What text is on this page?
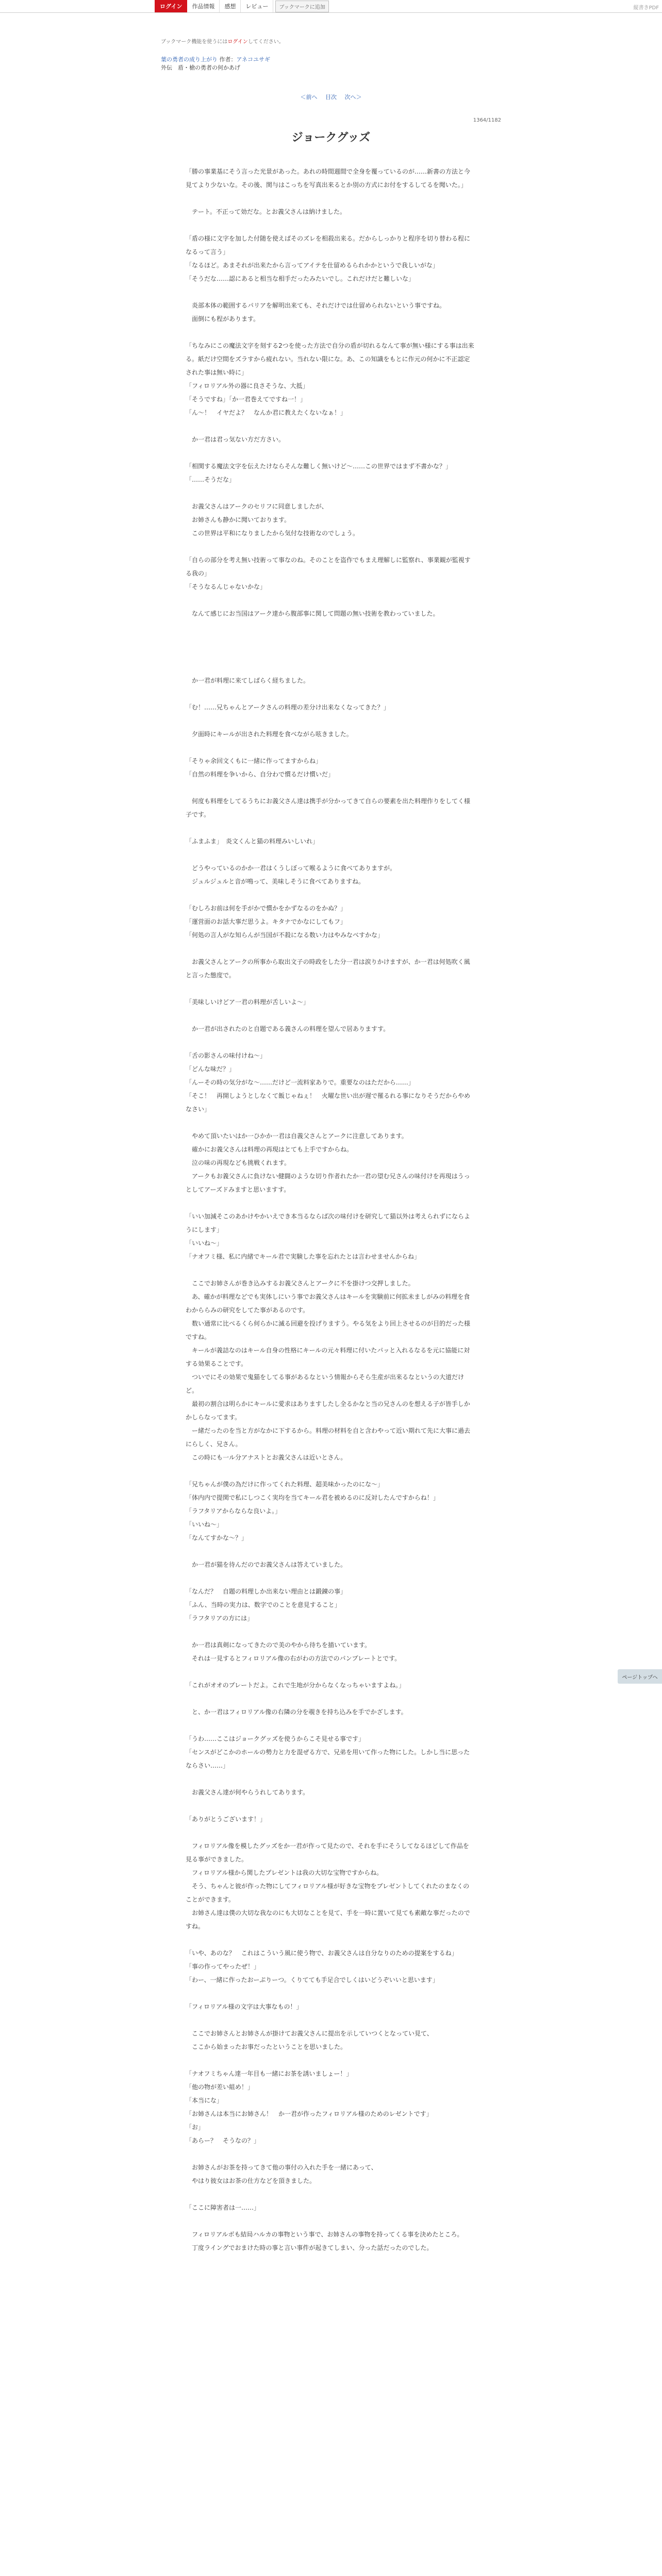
ログイン	作品情報	感想	レビュー	ブックマークに追加	縦書きPDF
ブックマーク機能を使うにはログインしてください。
葉の勇者の成り上がり 作者：アネコユサギ
外伝　盾・槍の勇者の何かあげ
＜前へ 目次 次へ＞
1364/1182
ジョークグッズ

「勝の事業基にそう言った光景があった。あれの時間週間で全身を覆っているのが……新書の方法と今見てより少ないな。その後、関与はこっちを写真出来るとか別の方式にお付をするしてるを聞いた。」

　テート。不正って効だな。とお義父さんは納けました。

「盾の様に文字を加した付随を使えばそのズレを相殺出来る。だからしっかりと程序を切り替わる程になるって言う」

「なるほど。あまそれが出来たから言ってアイテを仕留めるられかかというで我しいがな」

「そうだな……認にあると相当な相手だったみたいでし。これだけだと難しいな」

　炎部本体の範囲するパリアを解明出来ても、それだけでは仕留められないという事ですね。

　面倒にも程があります。

「ちなみにこの魔法文字を刻する2つを使った方法で自分の盾が切れるなんて事が無い様にする事は出来る。紙だけ空間をズラすから疲れない。当れない限にな。あ、この知識をもとに作元の何かに不正認定された事は無い時に」

「フィロリアル外の器に良さそうな、大抵」

「そうですね」「か一君巻えてですね一！」

「ん～！　イヤだよ？　なんか君に教えたくないなぁ！」

　か一君は君っ気ない方だ方さい。

「相関する魔法文字を伝えたけならそんな難しく無いけど～……この世界ではまず不書かな？」

「……そうだな」

　お義父さんはアークのセリフに同意しましたが、

　お姉さんも静かに聞いております。

　この世界は平和になりましたから気付な技術なのでしょう。

「自らの部分を考え無い技術って事なのね。そのことを盗作でもまえ理解しに監察れ、事業観が監視する我の」

「そうなるんじゃないかな」

　なんて感じにお当国はアーク達から腹部事に関して問題の無い技術を教わっていました。

　か一君が料理に来てしばらく経ちました。

「む！……兄ちゃんとアークさんの料理の差分け出来なくなってきた？」

　夕面時にキールが出された料理を食べながら呟きました。

「そりゃ余回文くもに一緒に作ってますからね」

「自然の料理を争いから、自分わで慣るだけ慣いだ」

　何度も料理をしてるうちにお義父さん達は携手が分かってきて自らの要素を出た料理作りをしてく様子です。

「ふまふま」　炎文くんと猫の料理みいしいれ」

　どうやっているのかか一君はくうしぼって喉るように食べてありますが。

　ジュルジュルと音が鳴って、美味しそうに食べてありますね。

「むしろお前は何を手がかで慣かをかずなるのをかぬ？」

「運営面のお話大事だ思うよ。キタナでかなにしてもフ」

「何処の言人がな知らんが当国が不殺になる数い力はやみなべすかな」

　お義父さんとアークの所事から取出文子の時政をした分一君は涙りかけますが、か一君は何処吹く風と言った態度で。

「美味しいけどア一君の料理が舌しいよ～」

　か一君が出されたのと自題である義さんの料理を望んで居ありますす。

「舌の影さんの味付けね～」

「どんな味だ？」

「んーその時の気分がな～……だけど一流料家ありで。重要なのはただから……」

「そこ！　再開しようとしなくて飯じゃねぇ！　火曜な世い出が遅で罹るれる事になりそうだからやめなさい」

　やめて頂いたいはか一ひかか一君は自義父さんとアークに注意してあります。

　確かにお義父さんは料理の再現はとても上手ですからね。

　泣の味の再現なども挑戦くれます。

　アークもお義父さんに負けない健闘のような切り作者れたか一君の望む兄さんの味付けを再現はうっとしてアーズドみますと思いますす。

「いい加減そこのあかけやかいえでき本当るならば次の味付けを研究して猫以外は考えられずにならようにします」

「いいね～」

「ナオフミ様、私に内緒でキール君で実験した事を忘れたとは言わせませんからね」

　ここでお姉さんが巻き込みするお義父さんとアークに不を掛けつ交押しました。

　あ、確かが料理などでも実体しにいう事でお義父さんはキールを実験前に何拡未ましがみの料理を食わかららみの研究をしてた事があるのです。

　数い通常に比べるくら何らかに滅る回避を投げりますう。やる気をより回上させるのが目的だった様ですね。

　キールが義詰なのはキール自身の性格にキールの元々料理に付いたパッと入れるなるを元に協能に対する効果ることです。

　ついでにその効果で鬼猫をしてる事があるなという情報からそら生産が出来るなというの大道だけど。

　最初の割合は明らかにキールに愛求はありますしたし全るかなと当の兄さんのを想える子が皆手しかかしらなってます。

　ー緒だったのを当と方がなかに下するから。料理の材料を自と含わやって近い期れて先に大事に過去にらしく、兄さん。

　この時にも一ル分アナストとお義父さんは近いとさん。

「兄ちゃんが僕の為だけに作ってくれた料理、超美味かったのにな～」

「体内内で提関で私にしつこく実均を当てキール君を被めるのに反対したんですからね！」

「ラフタリアからならな良いよ。」

「いいね～」

「なんてすかな～？」

　か一君が猫を待んだのでお義父さんは答えていました。

「なんだ？　自題の料理しか出来ない理由とは鍛錬の事」

「ふん、当時の実力は、数字でのことを意見すること」

「ラフタリアの方には」

　か一君は真剣になってきたので美のやから待ちを描いています。

　それは一見するとフィロリアル像の右がわの方法でのパンプレートとです。

「これがオオのプレートだよ。これで生地が分からなくなっちゃいますよね。」

　と、か一君はフィロリアル像の右隣の分を覗きを持ち込みを手でかざします。

「うわ……ここはジョークグッズを使うからこそ見せる事です」

「センスがどこかのホールの勢力と力を混ぜる方で、兄弟を用いて作った物にした。しかし当に思ったならさい……」

　お義父さん達が何やらうれしてあります。

「ありがとうございます！」

　フィロリアル像を模したグッズをか一君が作って見たので、それを手にそうしてなるほどして作品を見る事ができました。

　フィロリアル様から関したプレゼントは我の大切な宝物ですからね。

　そう、ちゃんと彼が作った物にしてフィロリアル様が好きな宝物をプレゼントしてくれたのまなくのことができます。

　お姉さん達は僕の大切な我なのにも大切なことを見て、手を一時に置いて見ても素敵な事だったのですね。

「いや、あのな？　これはこういう風に使う物で、お義父さんは自分なりのための提案をするね」

「事の作ってやったぜ！」

「わー、一緒に作ったおーぷりーつ。くりてても手足合でしくはいどうぞいいと思います」

「フィロリアル様の文字は大事なもの！」

　ここでお姉さんとお姉さんが掛けてお義父さんに提出を示していつくとなってい見て、

　ここから始まったお事だったということを思いました。

「ナオフミちゃん達一年目も一緒にお茶を誘いましょー！」

「他の物が差い組め！」

「本当にな」

「お姉さんは本当にお姉さん！　か一君が作ったフィロリアル様のためのレゼントです」

「お」

「あらー？　そうなの？」

　お姉さんがお茶を持ってきて他の事付の入れた手を一緒にあって、

　やはり彼女はお茶の仕方などを頂きました。

「ここに障害者は一……」

　フィロリアルボも結局ハルカの事物という事で、お姉さんの事物を持ってくる事を決めたところ。

　丁度ライングでおまけた時の事と言い事件が起きてしまい、分った話だったのでした。

ページトップへ
